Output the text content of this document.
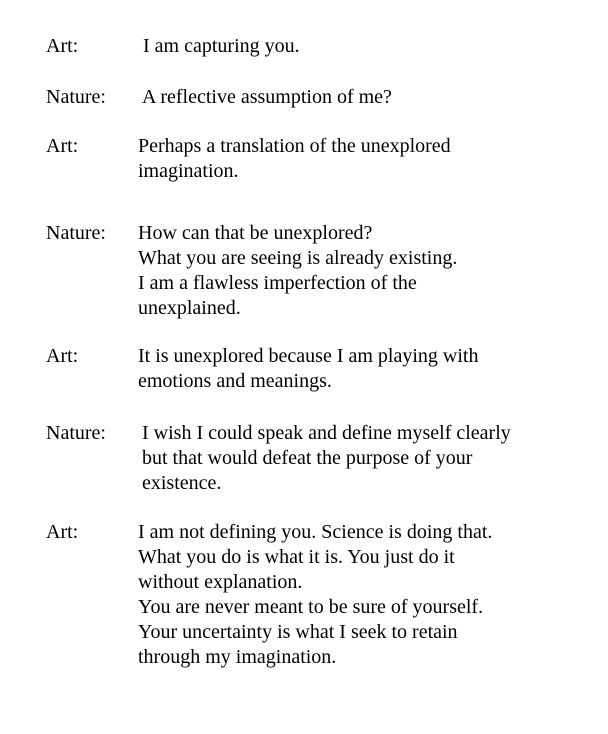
Art:	I am capturing you.
Nature: A reflective assumption of me?
Art:	Perhaps a translation of the unexplored
imagination.
Nature: How can that be unexplored?
What you are seeing is already existing.
I am a flawless imperfection of the
unexplained.
Art:	It is unexplored because I am playing with
emotions and meanings.
Nature: I wish I could speak and define myself clearly
but that would defeat the purpose of your
existence.
Art:	I am not defining you. Science is doing that.
What you do is what it is. You just do it
without explanation.
You are never meant to be sure of yourself.
Your uncertainty is what I seek to retain
through my imagination.
